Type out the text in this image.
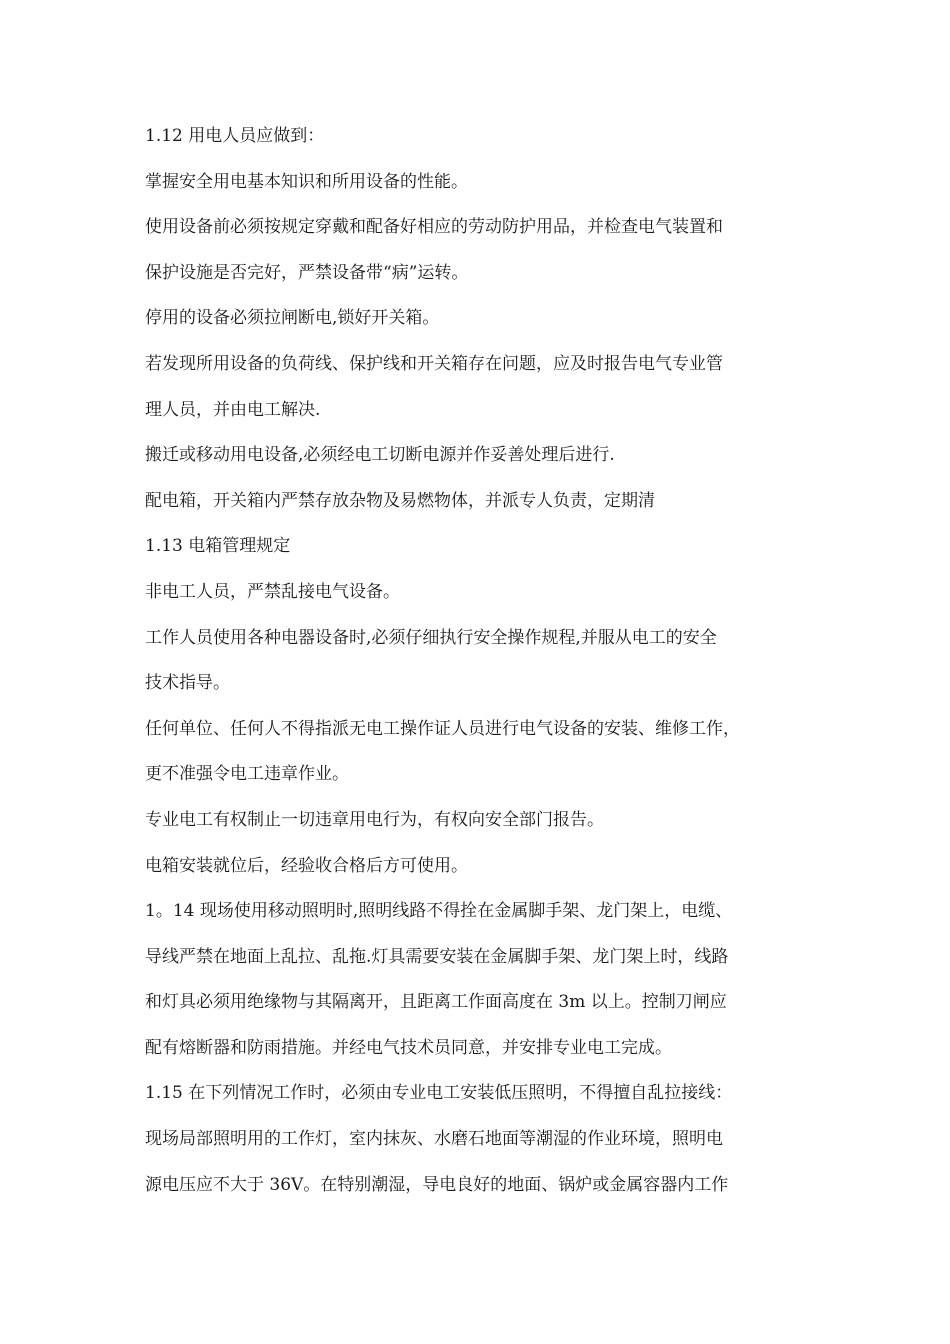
1.12 用电人员应做到：

掌握安全用电基本知识和所用设备的性能。

使用设备前必须按规定穿戴和配备好相应的劳动防护用品，并检查电气装置和

保护设施是否完好，严禁设备带“病”运转。

停用的设备必须拉闸断电,锁好开关箱。

若发现所用设备的负荷线、保护线和开关箱存在问题，应及时报告电气专业管

理人员，并由电工解决.

搬迁或移动用电设备,必须经电工切断电源并作妥善处理后进行.

配电箱，开关箱内严禁存放杂物及易燃物体，并派专人负责，定期清

1.13 电箱管理规定

非电工人员，严禁乱接电气设备。

工作人员使用各种电器设备时,必须仔细执行安全操作规程,并服从电工的安全

技术指导。

任何单位、任何人不得指派无电工操作证人员进行电气设备的安装、维修工作，

更不准强令电工违章作业。

专业电工有权制止一切违章用电行为，有权向安全部门报告。

电箱安装就位后，经验收合格后方可使用。

1。14 现场使用移动照明时,照明线路不得拴在金属脚手架、龙门架上，电缆、

导线严禁在地面上乱拉、乱拖.灯具需要安装在金属脚手架、龙门架上时，线路

和灯具必须用绝缘物与其隔离开，且距离工作面高度在 3m 以上。控制刀闸应

配有熔断器和防雨措施。并经电气技术员同意，并安排专业电工完成。

1.15 在下列情况工作时，必须由专业电工安装低压照明，不得擅自乱拉接线：

现场局部照明用的工作灯，室内抹灰、水磨石地面等潮湿的作业环境，照明电

源电压应不大于 36V。在特别潮湿，导电良好的地面、锅炉或金属容器内工作
